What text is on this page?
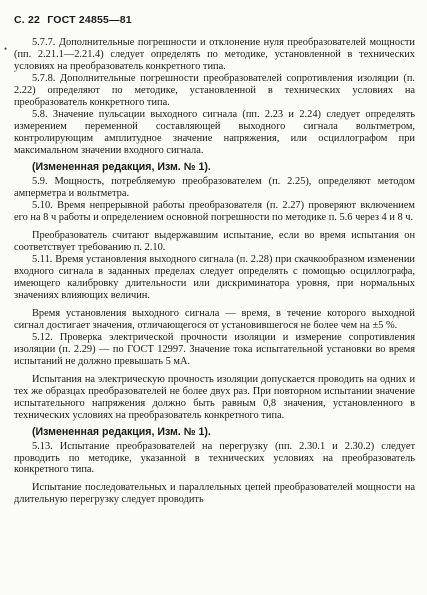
С. 22 ГОСТ 24855—81
•

5.7.7. Дополнительные погрешности и отклонение нуля преобразователей мощности (пп. 2.21.1—2.21.4) следует определять по методике, установленной в технических условиях на преобразователь конкретного типа.

5.7.8. Дополнительные погрешности преобразователей сопротивления изоляции (п. 2.22) определяют по методике, установленной в технических условиях на преобразователь конкретного типа.

5.8. Значение пульсации выходного сигнала (пп. 2.23 и 2.24) следует определять измерением переменной составляющей выходного сигнала вольтметром, контролирующим амплитудное значение напряжения, или осциллографом при максимальном значении входного сигнала.

(Измененная редакция, Изм. № 1).

5.9. Мощность, потребляемую преобразователем (п. 2.25), определяют методом амперметра и вольтметра.

5.10. Время непрерывной работы преобразователя (п. 2.27) проверяют включением его на 8 ч работы и определением основной погрешности по методике п. 5.6 через 4 и 8 ч.

Преобразователь считают выдержавшим испытание, если во время испытания он соответствует требованию п. 2.10.

5.11. Время установления выходного сигнала (п. 2.28) при скачкообразном изменении входного сигнала в заданных пределах следует определять с помощью осциллографа, имеющего калибровку длительности или дискриминатора уровня, при нормальных значениях влияющих величин.

Время установления выходного сигнала — время, в течение которого выходной сигнал достигает значения, отличающегося от установившегося не более чем на ±5 %.

5.12. Проверка электрической прочности изоляции и измерение сопротивления изоляции (п. 2.29) — по ГОСТ 12997. Значение тока испытательной установки во время испытаний не должно превышать 5 мА.

Испытания на электрическую прочность изоляции допускается проводить на одних и тех же образцах преобразователей не более двух раз. При повторном испытании значение испытательного напряжения должно быть равным 0,8 значения, установленного в технических условиях на преобразователь конкретного типа.

(Измененная редакция, Изм. № 1).

5.13. Испытание преобразователей на перегрузку (пп. 2.30.1 и 2.30.2) следует проводить по методике, указанной в технических условиях на преобразователь конкретного типа.

Испытание последовательных и параллельных цепей преобразователей мощности на длительную перегрузку следует проводить
